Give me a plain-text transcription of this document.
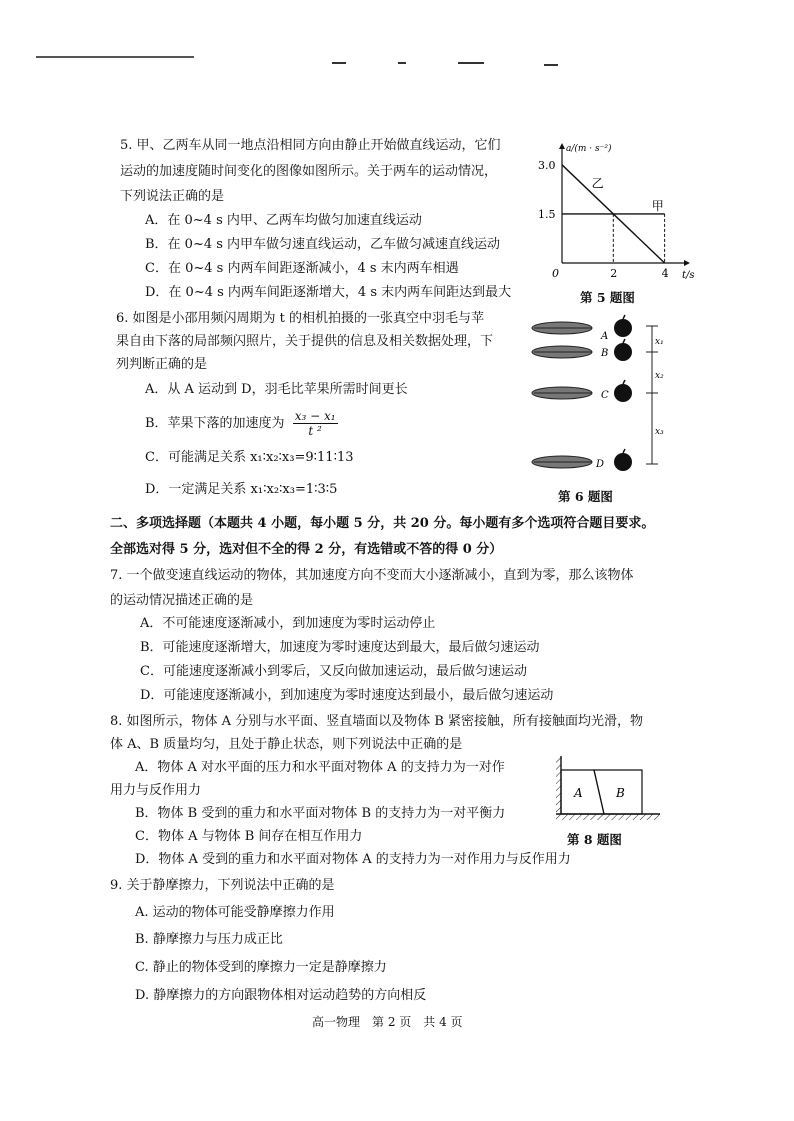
5. 甲、乙两车从同一地点沿相同方向由静止开始做直线运动，它们
运动的加速度随时间变化的图像如图所示。关于两车的运动情况，
下列说法正确的是
A．在 0~4 s 内甲、乙两车均做匀加速直线运动
B．在 0~4 s 内甲车做匀速直线运动，乙车做匀减速直线运动
C．在 0~4 s 内两车间距逐渐减小，4 s 末内两车相遇
D．在 0~4 s 内两车间距逐渐增大，4 s 末内两车间距达到最大
甲
乙
a/(m · s⁻²)
t/s
0
3.0
1.5
2	4
第 5 题图
6. 如图是小邵用频闪周期为 t 的相机拍摄的一张真空中羽毛与苹
果自由下落的局部频闪照片，关于提供的信息及相关数据处理，下
列判断正确的是
A．从 A 运动到 D，羽毛比苹果所需时间更长
B．苹果下落的加速度为 $\frac{\text{x₃ − x₁}}{\text{t ²}}$
C．可能满足关系 x₁∶x₂∶x₃=9∶11∶13
D．一定满足关系 x₁∶x₂∶x₃=1∶3∶5
A
B
C
D
x₁
x₂
x₃
第 6 题图
二、多项选择题（本题共 4 小题，每小题 5 分，共 20 分。每小题有多个选项符合题目要求。
全部选对得 5 分，选对但不全的得 2 分，有选错或不答的得 0 分）
7. 一个做变速直线运动的物体，其加速度方向不变而大小逐渐减小，直到为零，那么该物体
的运动情况描述正确的是
A．不可能速度逐渐减小，到加速度为零时运动停止
B．可能速度逐渐增大，加速度为零时速度达到最大，最后做匀速运动
C．可能速度逐渐减小到零后，又反向做加速运动，最后做匀速运动
D．可能速度逐渐减小，到加速度为零时速度达到最小，最后做匀速运动
8. 如图所示，物体 A 分别与水平面、竖直墙面以及物体 B 紧密接触，所有接触面均光滑，物
体 A、B 质量均匀，且处于静止状态，则下列说法中正确的是
A．物体 A 对水平面的压力和水平面对物体 A 的支持力为一对作
用力与反作用力
B．物体 B 受到的重力和水平面对物体 B 的支持力为一对平衡力
C．物体 A 与物体 B 间存在相互作用力
D．物体 A 受到的重力和水平面对物体 A 的支持力为一对作用力与反作用力
A	B
第 8 题图
9. 关于静摩擦力，下列说法中正确的是
A. 运动的物体可能受静摩擦力作用
B. 静摩擦力与压力成正比
C. 静止的物体受到的摩擦力一定是静摩擦力
D. 静摩擦力的方向跟物体相对运动趋势的方向相反
高一物理　第 2 页　共 4 页
